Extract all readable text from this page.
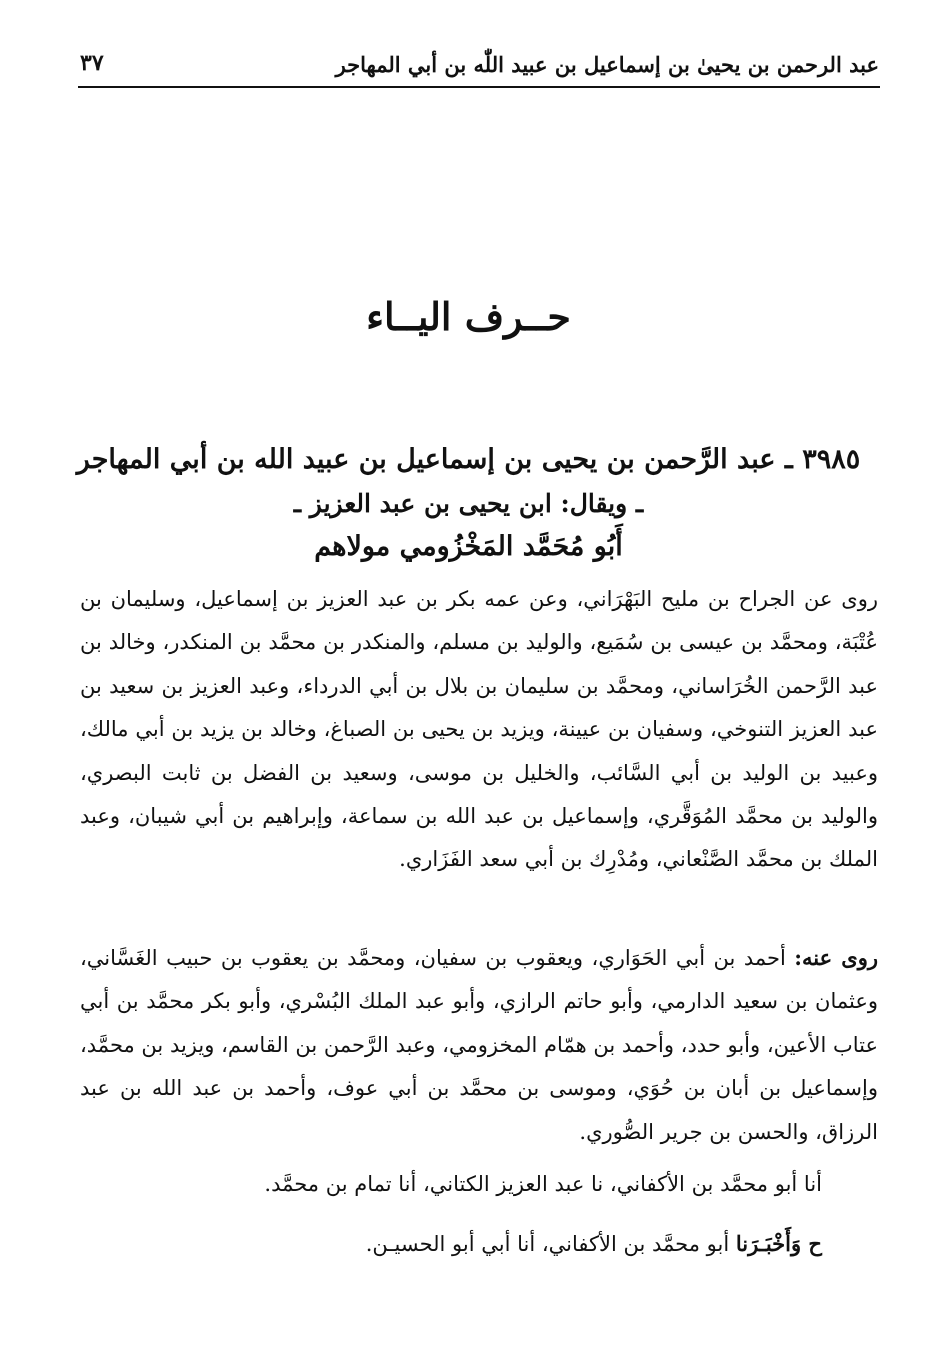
عبد الرحمن بن يحيىٰ بن إسماعيل بن عبيد اللّٰه بن أبي المهاجر
٣٧
حــرف اليــاء
٣٩٨٥ ـ عبد الرَّحمن بن يحيى بن إسماعيل بن عبيد الله بن أبي المهاجر
ـ ويقال: ابن يحيى بن عبد العزيز ـ
أَبُو مُحَمَّد المَخْزُومي مولاهم
روى عن الجراح بن مليح البَهْرَاني، وعن عمه بكر بن عبد العزيز بن إسماعيل، وسليمان بن عُتْبَة، ومحمَّد بن عيسى بن سُمَيع، والوليد بن مسلم، والمنكدر بن محمَّد بن المنكدر، وخالد بن عبد الرَّحمن الخُرَاساني، ومحمَّد بن سليمان بن بلال بن أبي الدرداء، وعبد العزيز بن سعيد بن عبد العزيز التنوخي، وسفيان بن عيينة، ويزيد بن يحيى بن الصباغ، وخالد بن يزيد بن أبي مالك، وعبيد بن الوليد بن أبي السَّائب، والخليل بن موسى، وسعيد بن الفضل بن ثابت البصري، والوليد بن محمَّد المُوَقَّري، وإسماعيل بن عبد الله بن سماعة، وإبراهيم بن أبي شيبان، وعبد الملك بن محمَّد الصَّنْعاني، ومُدْرِك بن أبي سعد الفَزَاري.
روى عنه: أحمد بن أبي الحَوَاري، ويعقوب بن سفيان، ومحمَّد بن يعقوب بن حبيب الغَسَّاني، وعثمان بن سعيد الدارمي، وأبو حاتم الرازي، وأبو عبد الملك البُسْري، وأبو بكر محمَّد بن أبي عتاب الأعين، وأبو حدد، وأحمد بن همّام المخزومي، وعبد الرَّحمن بن القاسم، ويزيد بن محمَّد، وإسماعيل بن أبان بن حُوَي، وموسى بن محمَّد بن أبي عوف، وأحمد بن عبد الله بن عبد الرزاق، والحسن بن جرير الصُّوري.
أنا أبو محمَّد بن الأكفاني، نا عبد العزيز الكتاني، أنا تمام بن محمَّد.
ح وَأَخْبَـرَنا أبو محمَّد بن الأكفاني، أنا أبي أبو الحسيـن.
